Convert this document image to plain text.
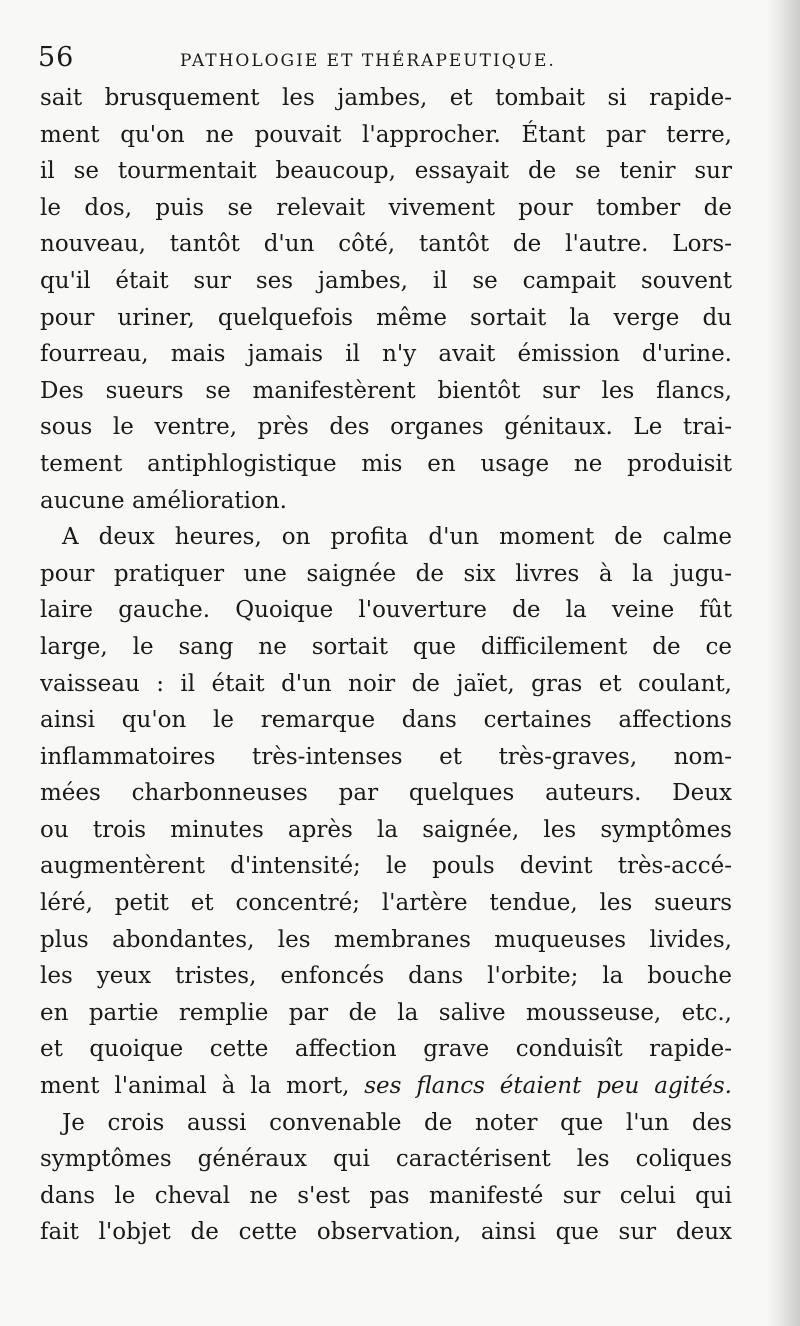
56	PATHOLOGIE ET THÉRAPEUTIQUE.
sait brusquement les jambes, et tombait si rapide-
ment qu'on ne pouvait l'approcher. Étant par terre,
il se tourmentait beaucoup, essayait de se tenir sur
le dos, puis se relevait vivement pour tomber de
nouveau, tantôt d'un côté, tantôt de l'autre. Lors-
qu'il était sur ses jambes, il se campait souvent
pour uriner, quelquefois même sortait la verge du
fourreau, mais jamais il n'y avait émission d'urine.
Des sueurs se manifestèrent bientôt sur les flancs,
sous le ventre, près des organes génitaux. Le trai-
tement antiphlogistique mis en usage ne produisit
aucune amélioration.
A deux heures, on profita d'un moment de calme
pour pratiquer une saignée de six livres à la jugu-
laire gauche. Quoique l'ouverture de la veine fût
large, le sang ne sortait que difficilement de ce
vaisseau : il était d'un noir de jaïet, gras et coulant,
ainsi qu'on le remarque dans certaines affections
inflammatoires très-intenses et très-graves, nom-
mées charbonneuses par quelques auteurs. Deux
ou trois minutes après la saignée, les symptômes
augmentèrent d'intensité; le pouls devint très-accé-
léré, petit et concentré; l'artère tendue, les sueurs
plus abondantes, les membranes muqueuses livides,
les yeux tristes, enfoncés dans l'orbite; la bouche
en partie remplie par de la salive mousseuse, etc.,
et quoique cette affection grave conduisît rapide-
ment l'animal à la mort, ses flancs étaient peu agités.
Je crois aussi convenable de noter que l'un des
symptômes généraux qui caractérisent les coliques
dans le cheval ne s'est pas manifesté sur celui qui
fait l'objet de cette observation, ainsi que sur deux
